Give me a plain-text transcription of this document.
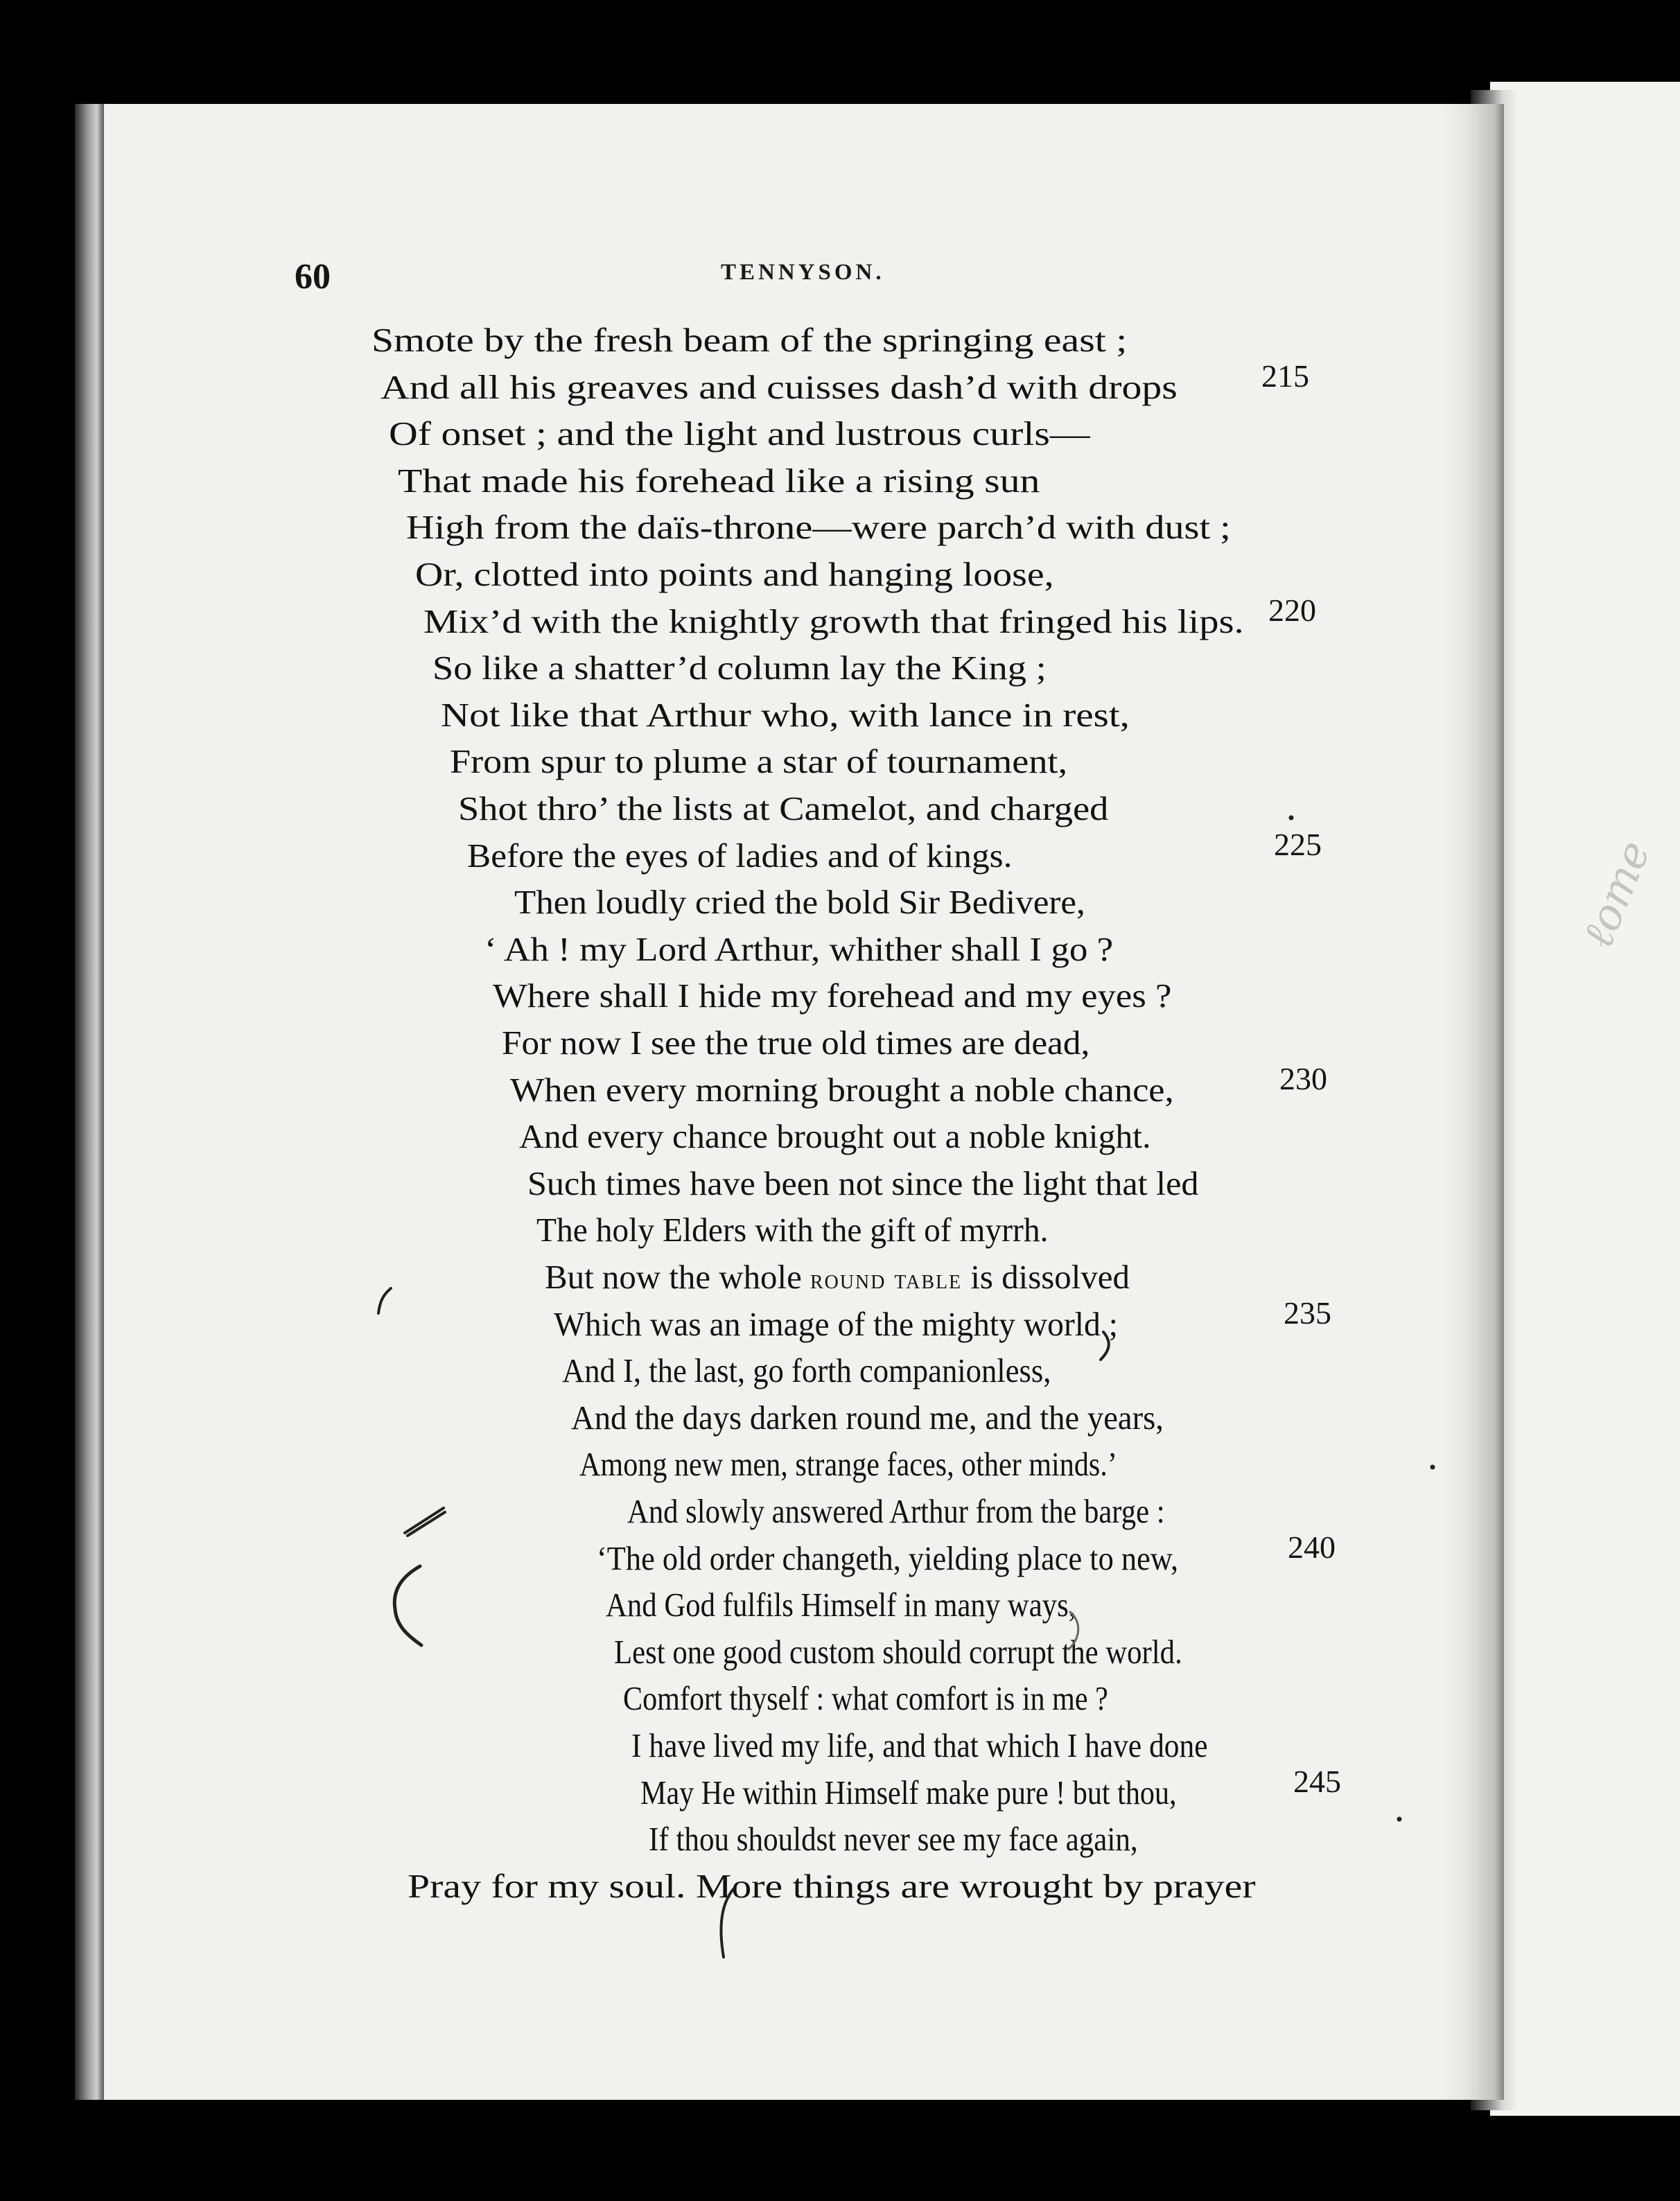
ℓome
60	TENNYSON.
Smote by the fresh beam of the springing east ;
And all his greaves and cuisses dash’d with drops
Of onset ; and the light and lustrous curls—
That made his forehead like a rising sun
High from the daïs-throne—were parch’d with dust ;
Or, clotted into points and hanging loose,
Mix’d with the knightly growth that fringed his lips.
So like a shatter’d column lay the King ;
Not like that Arthur who, with lance in rest,
From spur to plume a star of tournament,
Shot thro’ the lists at Camelot, and charged
Before the eyes of ladies and of kings.
Then loudly cried the bold Sir Bedivere,
‘ Ah ! my Lord Arthur, whither shall I go ?
Where shall I hide my forehead and my eyes ?
For now I see the true old times are dead,
When every morning brought a noble chance,
And every chance brought out a noble knight.
Such times have been not since the light that led
The holy Elders with the gift of myrrh.
But now the whole round table is dissolved
Which was an image of the mighty world ;
And I, the last, go forth companionless,
And the days darken round me, and the years,
Among new men, strange faces, other minds.’
And slowly answered Arthur from the barge :
‘The old order changeth, yielding place to new,
And God fulfils Himself in many ways,
Lest one good custom should corrupt the world.
Comfort thyself : what comfort is in me ?
I have lived my life, and that which I have done
May He within Himself make pure ! but thou,
If thou shouldst never see my face again,
Pray for my soul. More things are wrought by prayer
215
220
225
230
235
240
245
